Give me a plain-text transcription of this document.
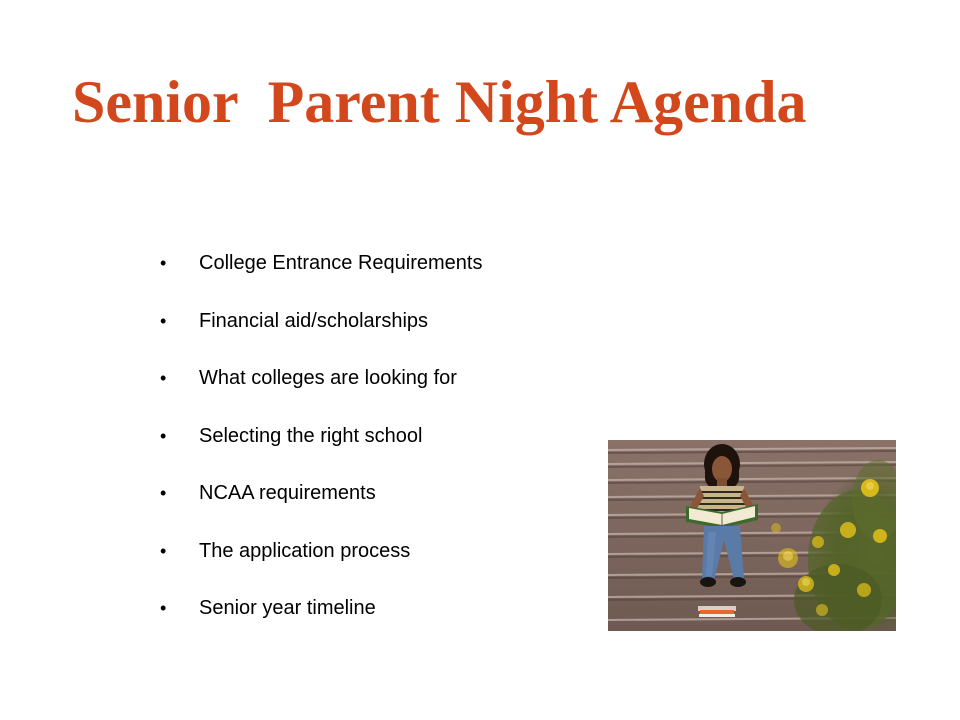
Senior  Parent Night Agenda
• College Entrance Requirements
• Financial aid/scholarships
• What colleges are looking for
• Selecting the right school
• NCAA requirements
• The application process
• Senior year timeline
